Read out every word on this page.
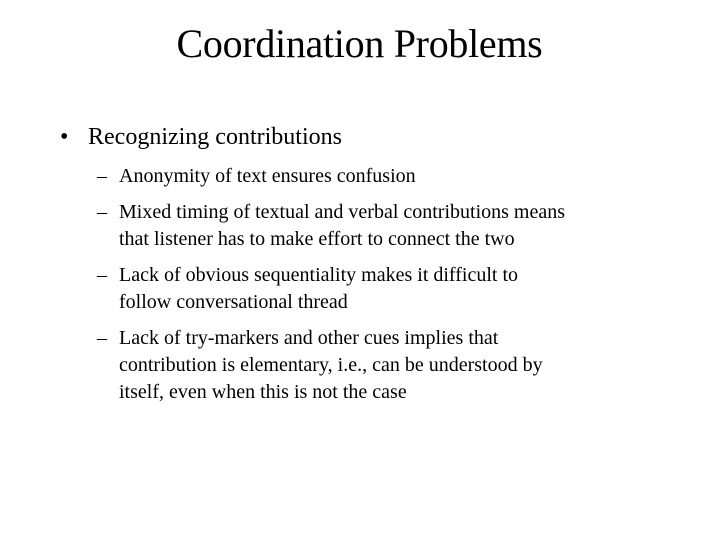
Coordination Problems
• Recognizing contributions
– Anonymity of text ensures confusion
– Mixed timing of textual and verbal contributions means
that listener has to make effort to connect the two
– Lack of obvious sequentiality makes it difficult to
follow conversational thread
– Lack of try-markers and other cues implies that
contribution is elementary, i.e., can be understood by
itself, even when this is not the case
